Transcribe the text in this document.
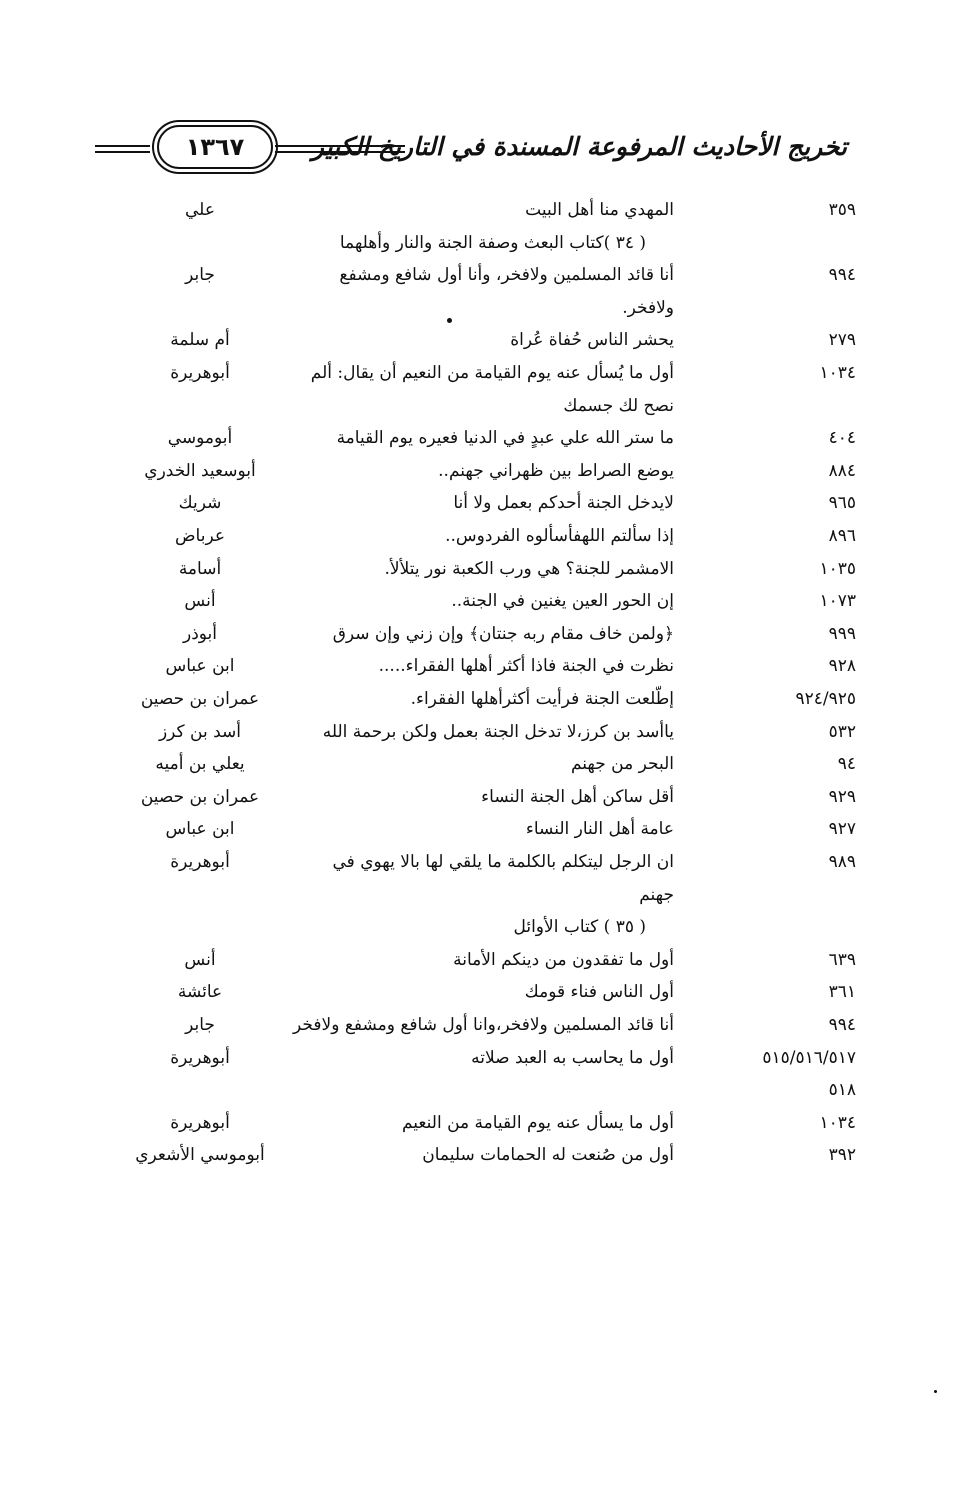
١٣٦٧	تخريج الأحاديث المرفوعة المسندة في التاريخ الكبير
٣٥٩
المهدي منا أهل البيت
علي
( ٣٤ )كتاب البعث وصفة الجنة والنار وأهلهما
٩٩٤
أنا قائد المسلمين ولافخر، وأنا أول شافع ومشفع
جابر
ولافخر.
٢٧٩
يحشر الناس حُفاة عُراة
أم سلمة
١٠٣٤
أول ما يُسأل عنه يوم القيامة من النعيم أن يقال: ألم
أبوهريرة
نصح لك جسمك
٤٠٤
ما ستر الله علي عبدٍ في الدنيا فعيره يوم القيامة
أبوموسي
٨٨٤
يوضع الصراط بين ظهراني جهنم..
أبوسعيد الخدري
٩٦٥
لايدخل الجنة أحدكم بعمل ولا أنا
شريك
٨٩٦
إذا سألتم اللهفأسألوه الفردوس..
عرباض
١٠٣٥
الامشمر للجنة؟ هي ورب الكعبة نور يتلألأ.
أسامة
١٠٧٣
إن الحور العين يغنين في الجنة..
أنس
٩٩٩
﴿ولمن خاف مقام ربه جنتان﴾ وإن زني وإن سرق
أبوذر
٩٢٨
نظرت في الجنة فاذا أكثر أهلها الفقراء.....
ابن عباس
٩٢٤/٩٢٥
إطّلعت الجنة فرأيت أكثرأهلها الفقراء.
عمران بن حصين
٥٣٢
ياأسد بن كرز،لا تدخل الجنة بعمل ولكن برحمة الله
أسد بن كرز
٩٤
البحر من جهنم
يعلي بن أميه
٩٢٩
أقل ساكن أهل الجنة النساء
عمران بن حصين
٩٢٧
عامة أهل النار النساء
ابن عباس
٩٨٩
ان الرجل ليتكلم بالكلمة ما يلقي لها بالا يهوي في
أبوهريرة
جهنم
( ٣٥ ) كتاب الأوائل
٦٣٩
أول ما تفقدون من دينكم الأمانة
أنس
٣٦١
أول الناس فناء قومك
عائشة
٩٩٤
أنا قائد المسلمين ولافخر،وانا أول شافع ومشفع ولافخر
جابر
٥١٥/٥١٦/٥١٧
أول ما يحاسب به العبد صلاته
أبوهريرة
٥١٨
١٠٣٤
أول ما يسأل عنه يوم القيامة من النعيم
أبوهريرة
٣٩٢
أول من صُنعت له الحمامات سليمان
أبوموسي الأشعري
